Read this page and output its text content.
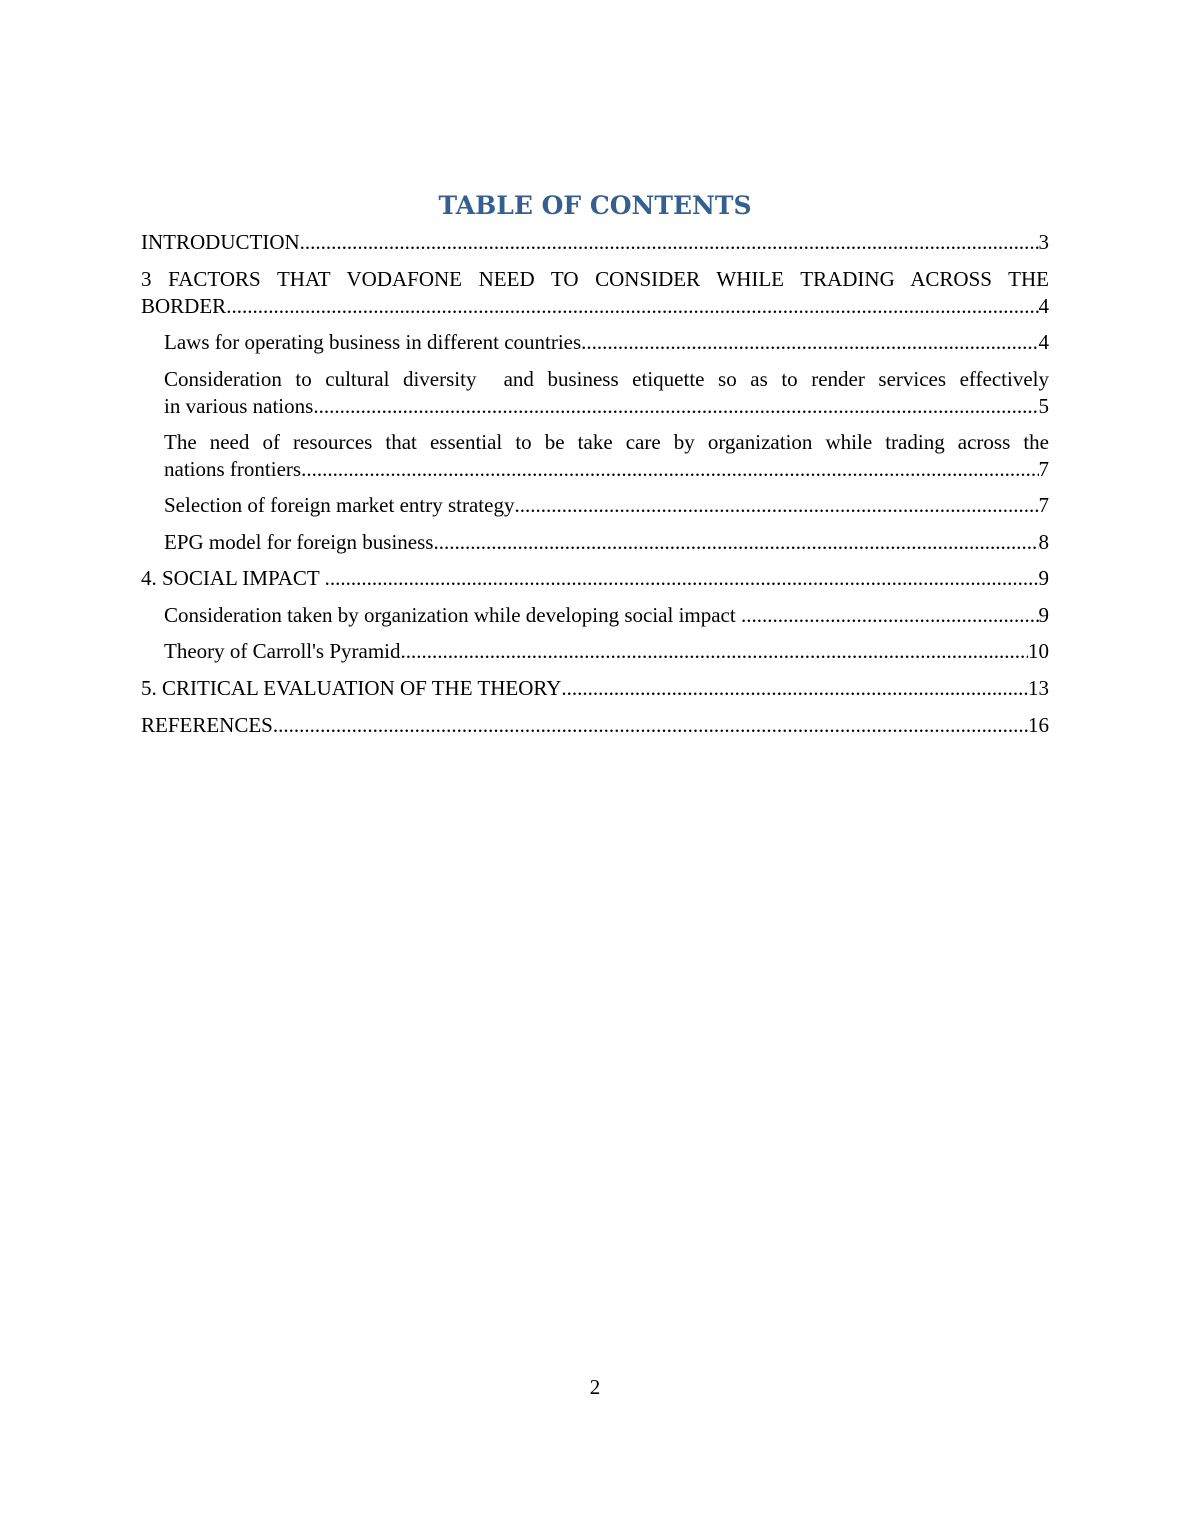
TABLE OF CONTENTS
INTRODUCTION .....	3
3 FACTORS THAT VODAFONE NEED TO CONSIDER WHILE TRADING ACROSS THE
BORDER .....	4
Laws for operating business in different countries .....	4
Consideration to cultural diversity  and business etiquette so as to render services effectively
in various nations .....	5
The need of resources that essential to be take care by organization while trading across the
nations frontiers .....	7
Selection of foreign market entry strategy .....	7
EPG model for foreign business .....	8
4. SOCIAL IMPACT .....	9
Consideration taken by organization while developing social impact .....	9
Theory of Carroll's Pyramid .....	10
5. CRITICAL EVALUATION OF THE THEORY .....	13
REFERENCES .....	16
2
